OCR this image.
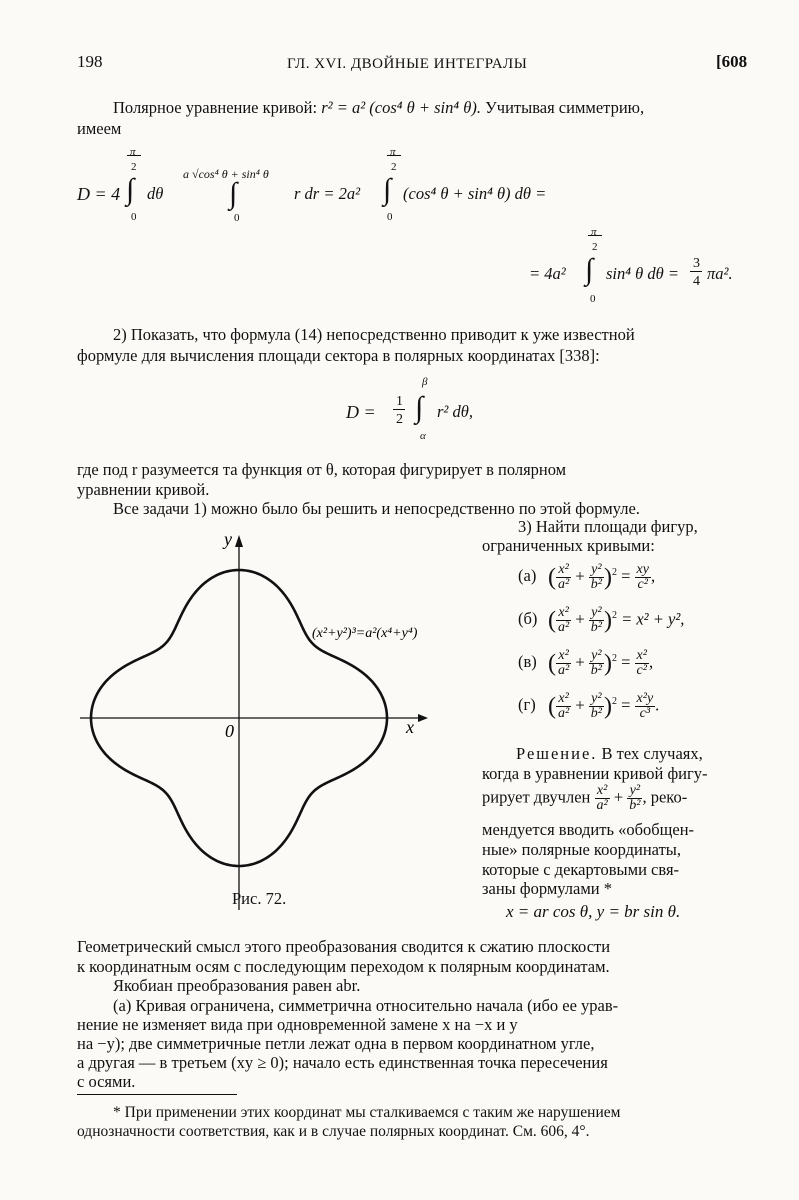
198	ГЛ. XVI. ДВОЙНЫЕ ИНТЕГРАЛЫ	[608
Полярное уравнение кривой: r² = a² (cos⁴ θ + sin⁴ θ). Учитывая симметрию,
имеем
D = 4
π
2
∫
0
dθ
a √cos⁴ θ + sin⁴ θ
∫
0
r dr = 2a²
π
2
∫
0
(cos⁴ θ + sin⁴ θ) dθ =
π
2
= 4a² ∫
0
sin⁴ θ dθ =
3
4 πa².
2) Показать, что формула (14) непосредственно приводит к уже известной
формуле для вычисления площади сектора в полярных координатах [338]:
D =
1
2
β
∫
α
r² dθ,
где под r разумеется та функция от θ, которая фигурирует в полярном
уравнении кривой.
Все задачи 1) можно было бы решить и непосредственно по этой формуле.
y
x
0
(x²+y²)³=a²(x⁴+y⁴)
Рис. 72.
3) Найти площади фигур,
ограниченных кривыми:
(а) ( $\frac{\text{x²}}{\text{a²}} + \frac{\text{y²}}{\text{b²}} )^2 = \frac{xy}{\text{c²}}$ ,
(б) ( $\frac{\text{x²}}{\text{a²}} + \frac{\text{y²}}{\text{b²}} )^2 = x^2 + y^2$,
(в) ( $\frac{\text{x²}}{\text{a²}} + \frac{\text{y²}}{\text{b²}} )^2 = \frac{\text{x²}}{\text{c²}}$ ,
(г) ( $\frac{\text{x²}}{\text{a²}} + \frac{\text{y²}}{\text{b²}} )^2 = \frac{\text{x²y}}{\text{c³}}$ .
Решение. В тех случаях,
когда в уравнении кривой фигу-
рирует двучлен $\frac{\text{x²}}{\text{a²}} + \frac{\text{y²}}{\text{b²}}$ , реко-
мендуется вводить «обобщен-
ные» полярные координаты,
которые с декартовыми свя-
заны формулами *
x = ar cos θ, y = br sin θ.
Геометрический смысл этого преобразования сводится к сжатию плоскости
к координатным осям с последующим переходом к полярным координатам.
Якобиан преобразования равен abr.
(а) Кривая ограничена, симметрична относительно начала (ибо ее урав-
нение не изменяет вида при одновременной замене x на −x и y
на −y); две симметричные петли лежат одна в первом координатном угле,
а другая — в третьем (xy ≥ 0); начало есть единственная точка пересечения
с осями.
* При применении этих координат мы сталкиваемся с таким же нарушением
однозначности соответствия, как и в случае полярных координат. См. 606, 4°.
